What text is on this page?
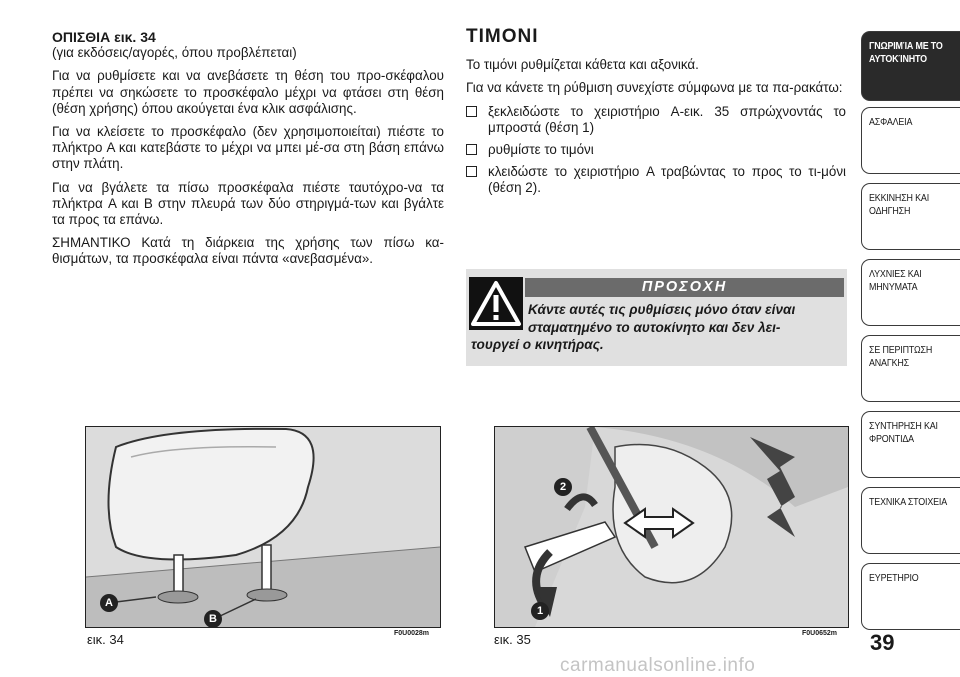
ΟΠΙΣΘΙΑ εικ. 34

(για εκδόσεις/αγορές, όπου προβλέπεται)

Για να ρυθμίσετε και να ανεβάσετε τη θέση του προ-σκέφαλου πρέπει να σηκώσετε το προσκέφαλο μέχρι να φτάσει στη θέση (θέση χρήσης) όπου ακούγεται ένα κλικ ασφάλισης.

Για να κλείσετε το προσκέφαλο (δεν χρησιμοποιείται) πιέστε το πλήκτρο A και κατεβάστε το μέχρι να μπει μέ-σα στη βάση επάνω στην πλάτη.

Για να βγάλετε τα πίσω προσκέφαλα πιέστε ταυτόχρο-να τα πλήκτρα A και B στην πλευρά των δύο στηριγμά-των και βγάλτε τα προς τα επάνω.

ΣΗΜΑΝΤΙΚΟ Κατά τη διάρκεια της χρήσης των πίσω κα-θισμάτων, τα προσκέφαλα είναι πάντα «ανεβασμένα».

ΤΙΜΟΝΙ

Το τιμόνι ρυθμίζεται κάθετα και αξονικά.

Για να κάνετε τη ρύθμιση συνεχίστε σύμφωνα με τα πα-ρακάτω:

ξεκλειδώστε το χειριστήριο A-εικ. 35 σπρώχνοντάς το μπροστά (θέση 1)
ρυθμίστε το τιμόνι
κλειδώστε το χειριστήριο A τραβώντας το προς το τι-μόνι (θέση 2).
ΠΡΟΣΟΧΗ
Κάντε αυτές τις ρυθμίσεις μόνο όταν είναι
σταματημένο το αυτοκίνητο και δεν λει-
τουργεί ο κινητήρας.
A
B
εικ. 34	F0U0028m
2
1
εικ. 35	F0U0652m
ΓΝΩΡΙΜΊΑ ΜΕ ΤΟ
ΑΥΤΟΚΊΝΗΤΟ
ΑΣΦΑΛΕΙΑ
ΕΚΚΙΝΗΣΗ ΚΑΙ
ΟΔΗΓΗΣΗ
ΛΥΧΝΙΕΣ ΚΑΙ
ΜΗΝΥΜΑΤΑ
ΣΕ ΠΕΡΙΠΤΩΣΗ
ΑΝΑΓΚΗΣ
ΣΥΝΤΗΡΗΣΗ ΚΑΙ
ΦΡΟΝΤΙΔΑ
ΤΕΧΝΙΚΑ ΣΤΟΙΧΕΙΑ
ΕΥΡΕΤΗΡΙΟ
39
carmanualsonline.info
